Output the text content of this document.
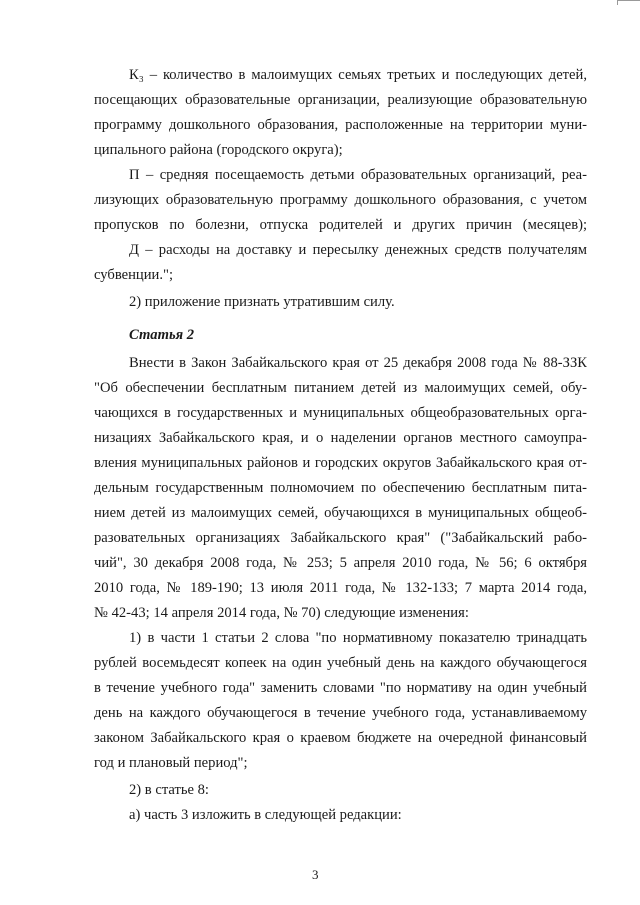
К₃ – количество в малоимущих семьях третьих и последующих детей,
посещающих образовательные организации, реализующие образовательную
программу дошкольного образования, расположенные на территории муни-
ципального района (городского округа);
П – средняя посещаемость детьми образовательных организаций, реа-
лизующих образовательную программу дошкольного образования, с учетом
пропусков по болезни, отпуска родителей и других причин (месяцев);
Д – расходы на доставку и пересылку денежных средств получателям
субвенции.";
2) приложение признать утратившим силу.
Статья 2
Внести в Закон Забайкальского края от 25 декабря 2008 года № 88-ЗЗК
"Об обеспечении бесплатным питанием детей из малоимущих семей, обу-
чающихся в государственных и муниципальных общеобразовательных орга-
низациях Забайкальского края, и о наделении органов местного самоупра-
вления муниципальных районов и городских округов Забайкальского края от-
дельным государственным полномочием по обеспечению бесплатным пита-
нием детей из малоимущих семей, обучающихся в муниципальных общеоб-
разовательных организациях Забайкальского края" ("Забайкальский рабо-
чий", 30 декабря 2008 года, № 253; 5 апреля 2010 года, № 56; 6 октября
2010 года, № 189-190; 13 июля 2011 года, № 132-133; 7 марта 2014 года,
№ 42-43; 14 апреля 2014 года, № 70) следующие изменения:
1) в части 1 статьи 2 слова "по нормативному показателю тринадцать
рублей восемьдесят копеек на один учебный день на каждого обучающегося
в течение учебного года" заменить словами "по нормативу на один учебный
день на каждого обучающегося в течение учебного года, устанавливаемому
законом Забайкальского края о краевом бюджете на очередной финансовый
год и плановый период";
2) в статье 8:
а) часть 3 изложить в следующей редакции:
3
